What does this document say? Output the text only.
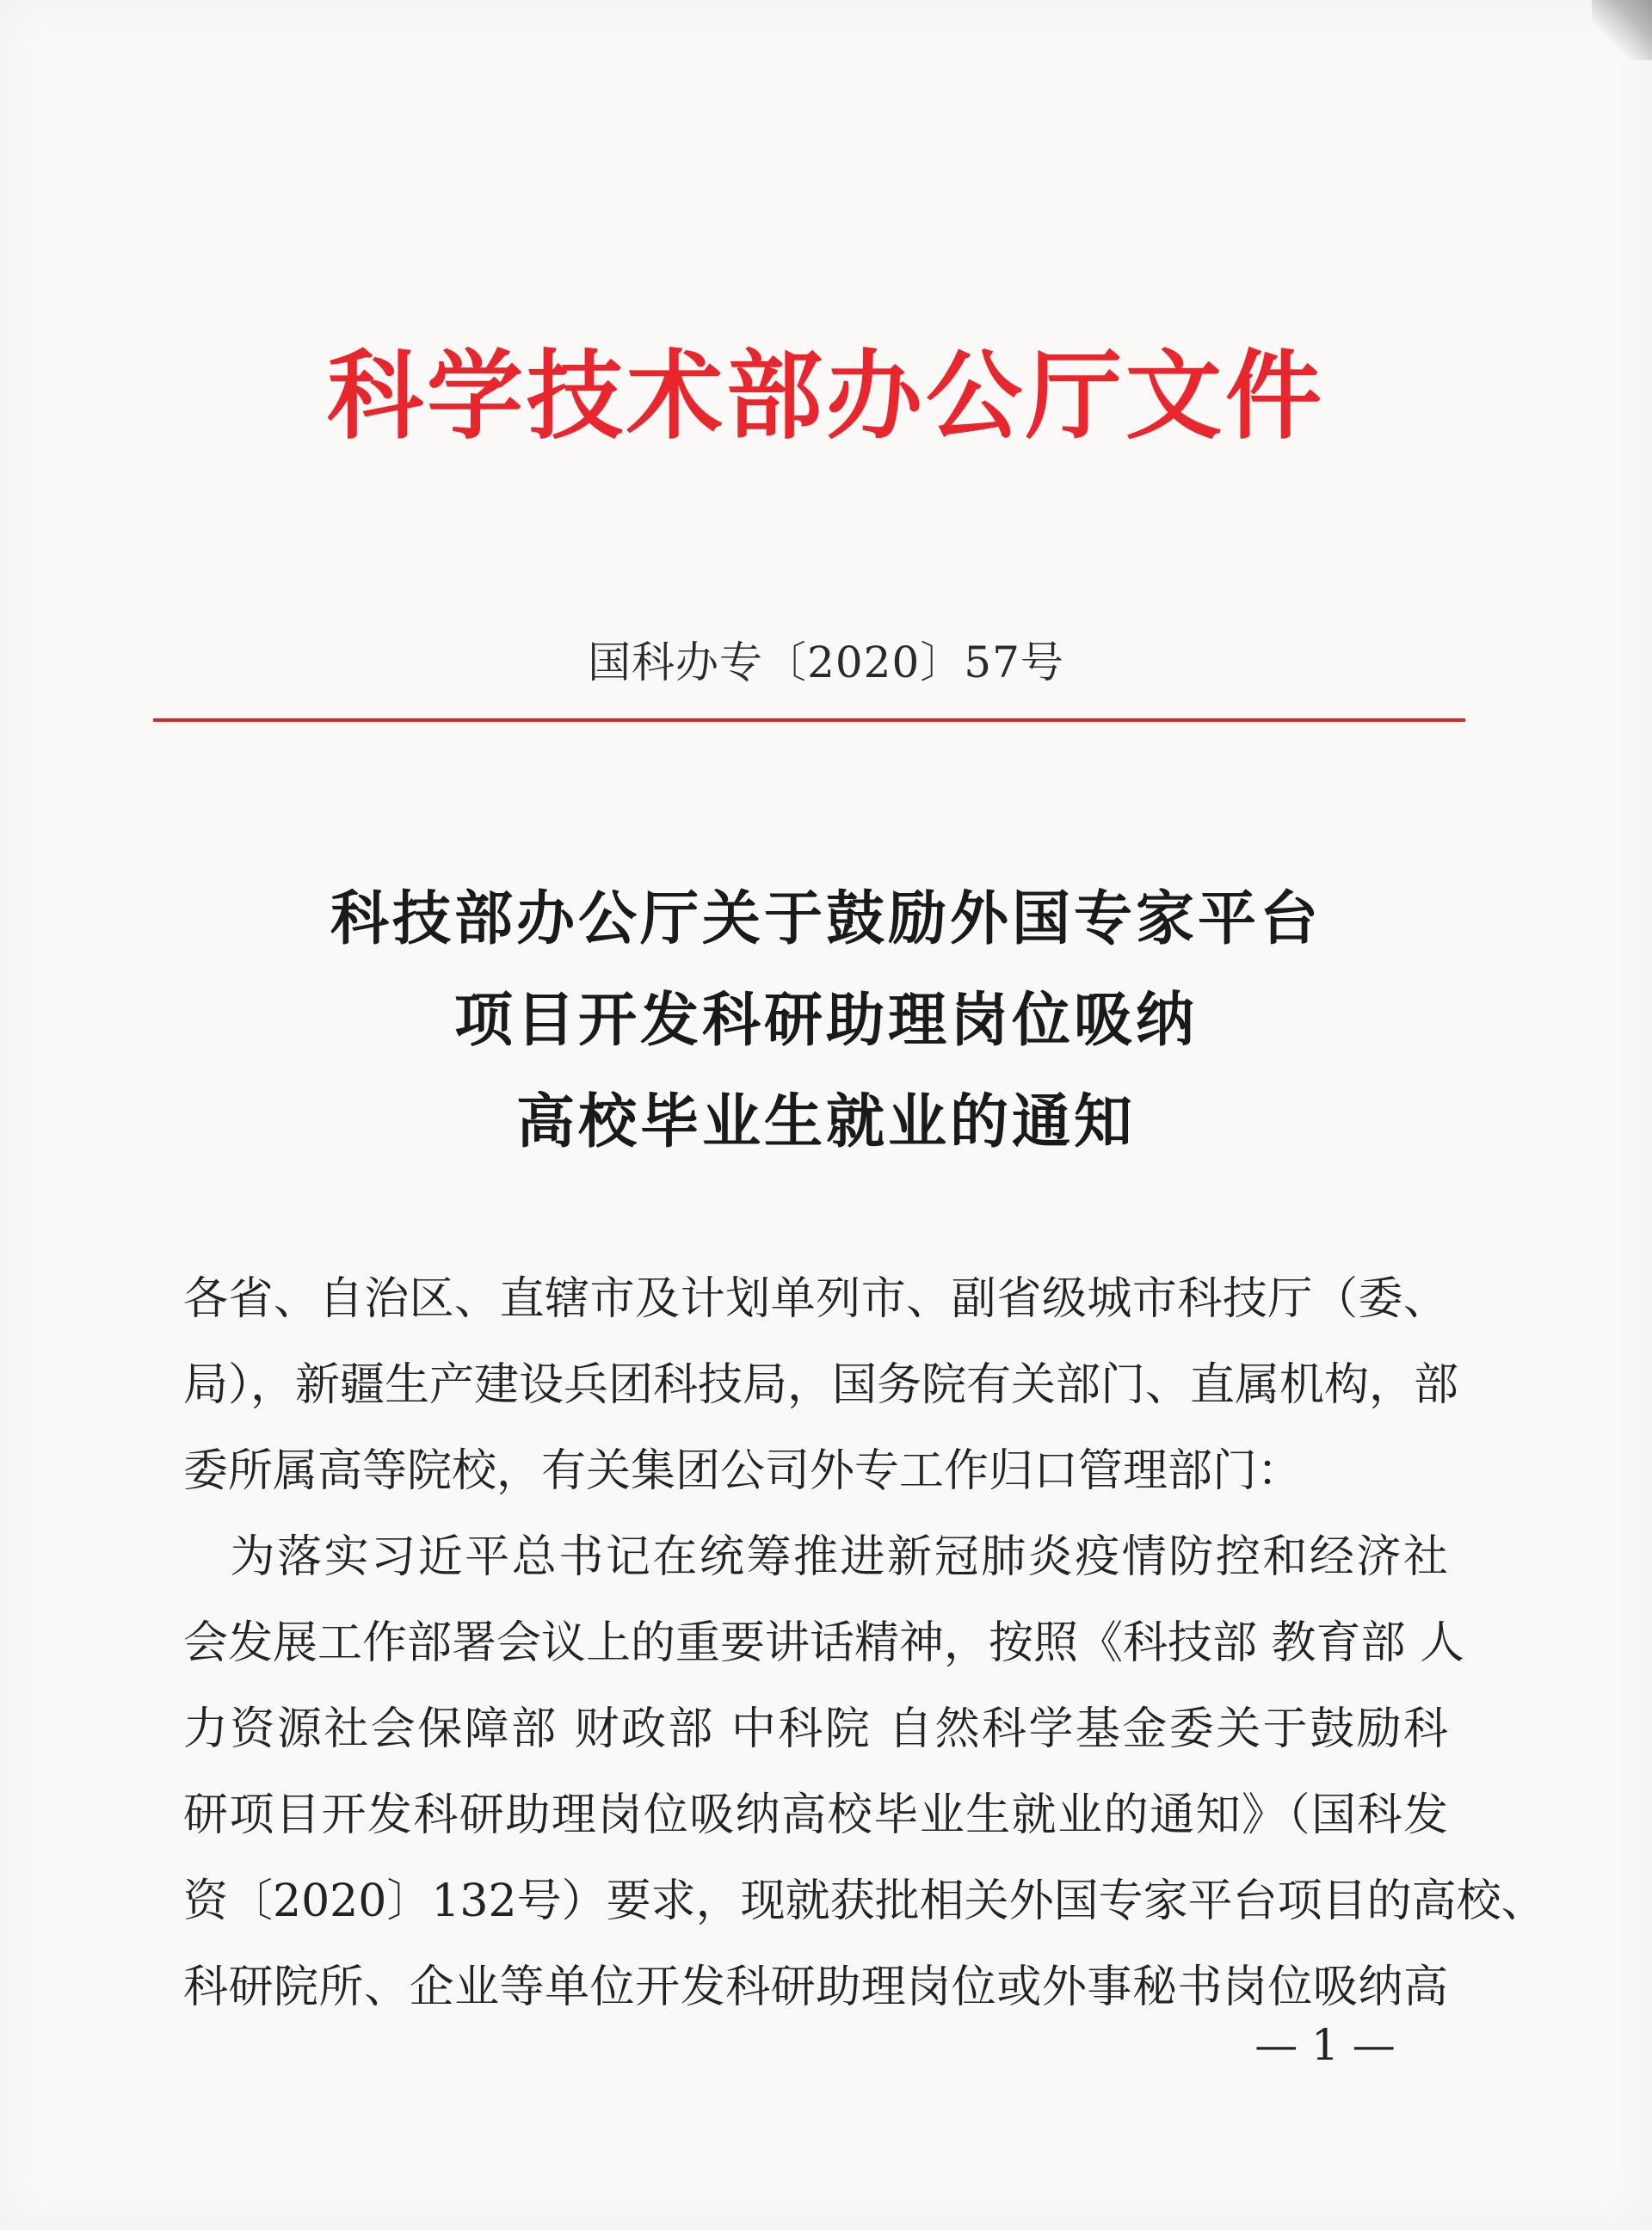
科学技术部办公厅文件
国科办专〔2020〕57号
科技部办公厅关于鼓励外国专家平台
项目开发科研助理岗位吸纳
高校毕业生就业的通知
各省、自治区、直辖市及计划单列市、副省级城市科技厅（委、
局），新疆生产建设兵团科技局，国务院有关部门、直属机构，部
委所属高等院校，有关集团公司外专工作归口管理部门：
　为落实习近平总书记在统筹推进新冠肺炎疫情防控和经济社
会发展工作部署会议上的重要讲话精神，按照《科技部 教育部 人
力资源社会保障部 财政部 中科院 自然科学基金委关于鼓励科
研项目开发科研助理岗位吸纳高校毕业生就业的通知》（国科发
资〔2020〕132号）要求，现就获批相关外国专家平台项目的高校、
科研院所、企业等单位开发科研助理岗位或外事秘书岗位吸纳高
— 1 —
